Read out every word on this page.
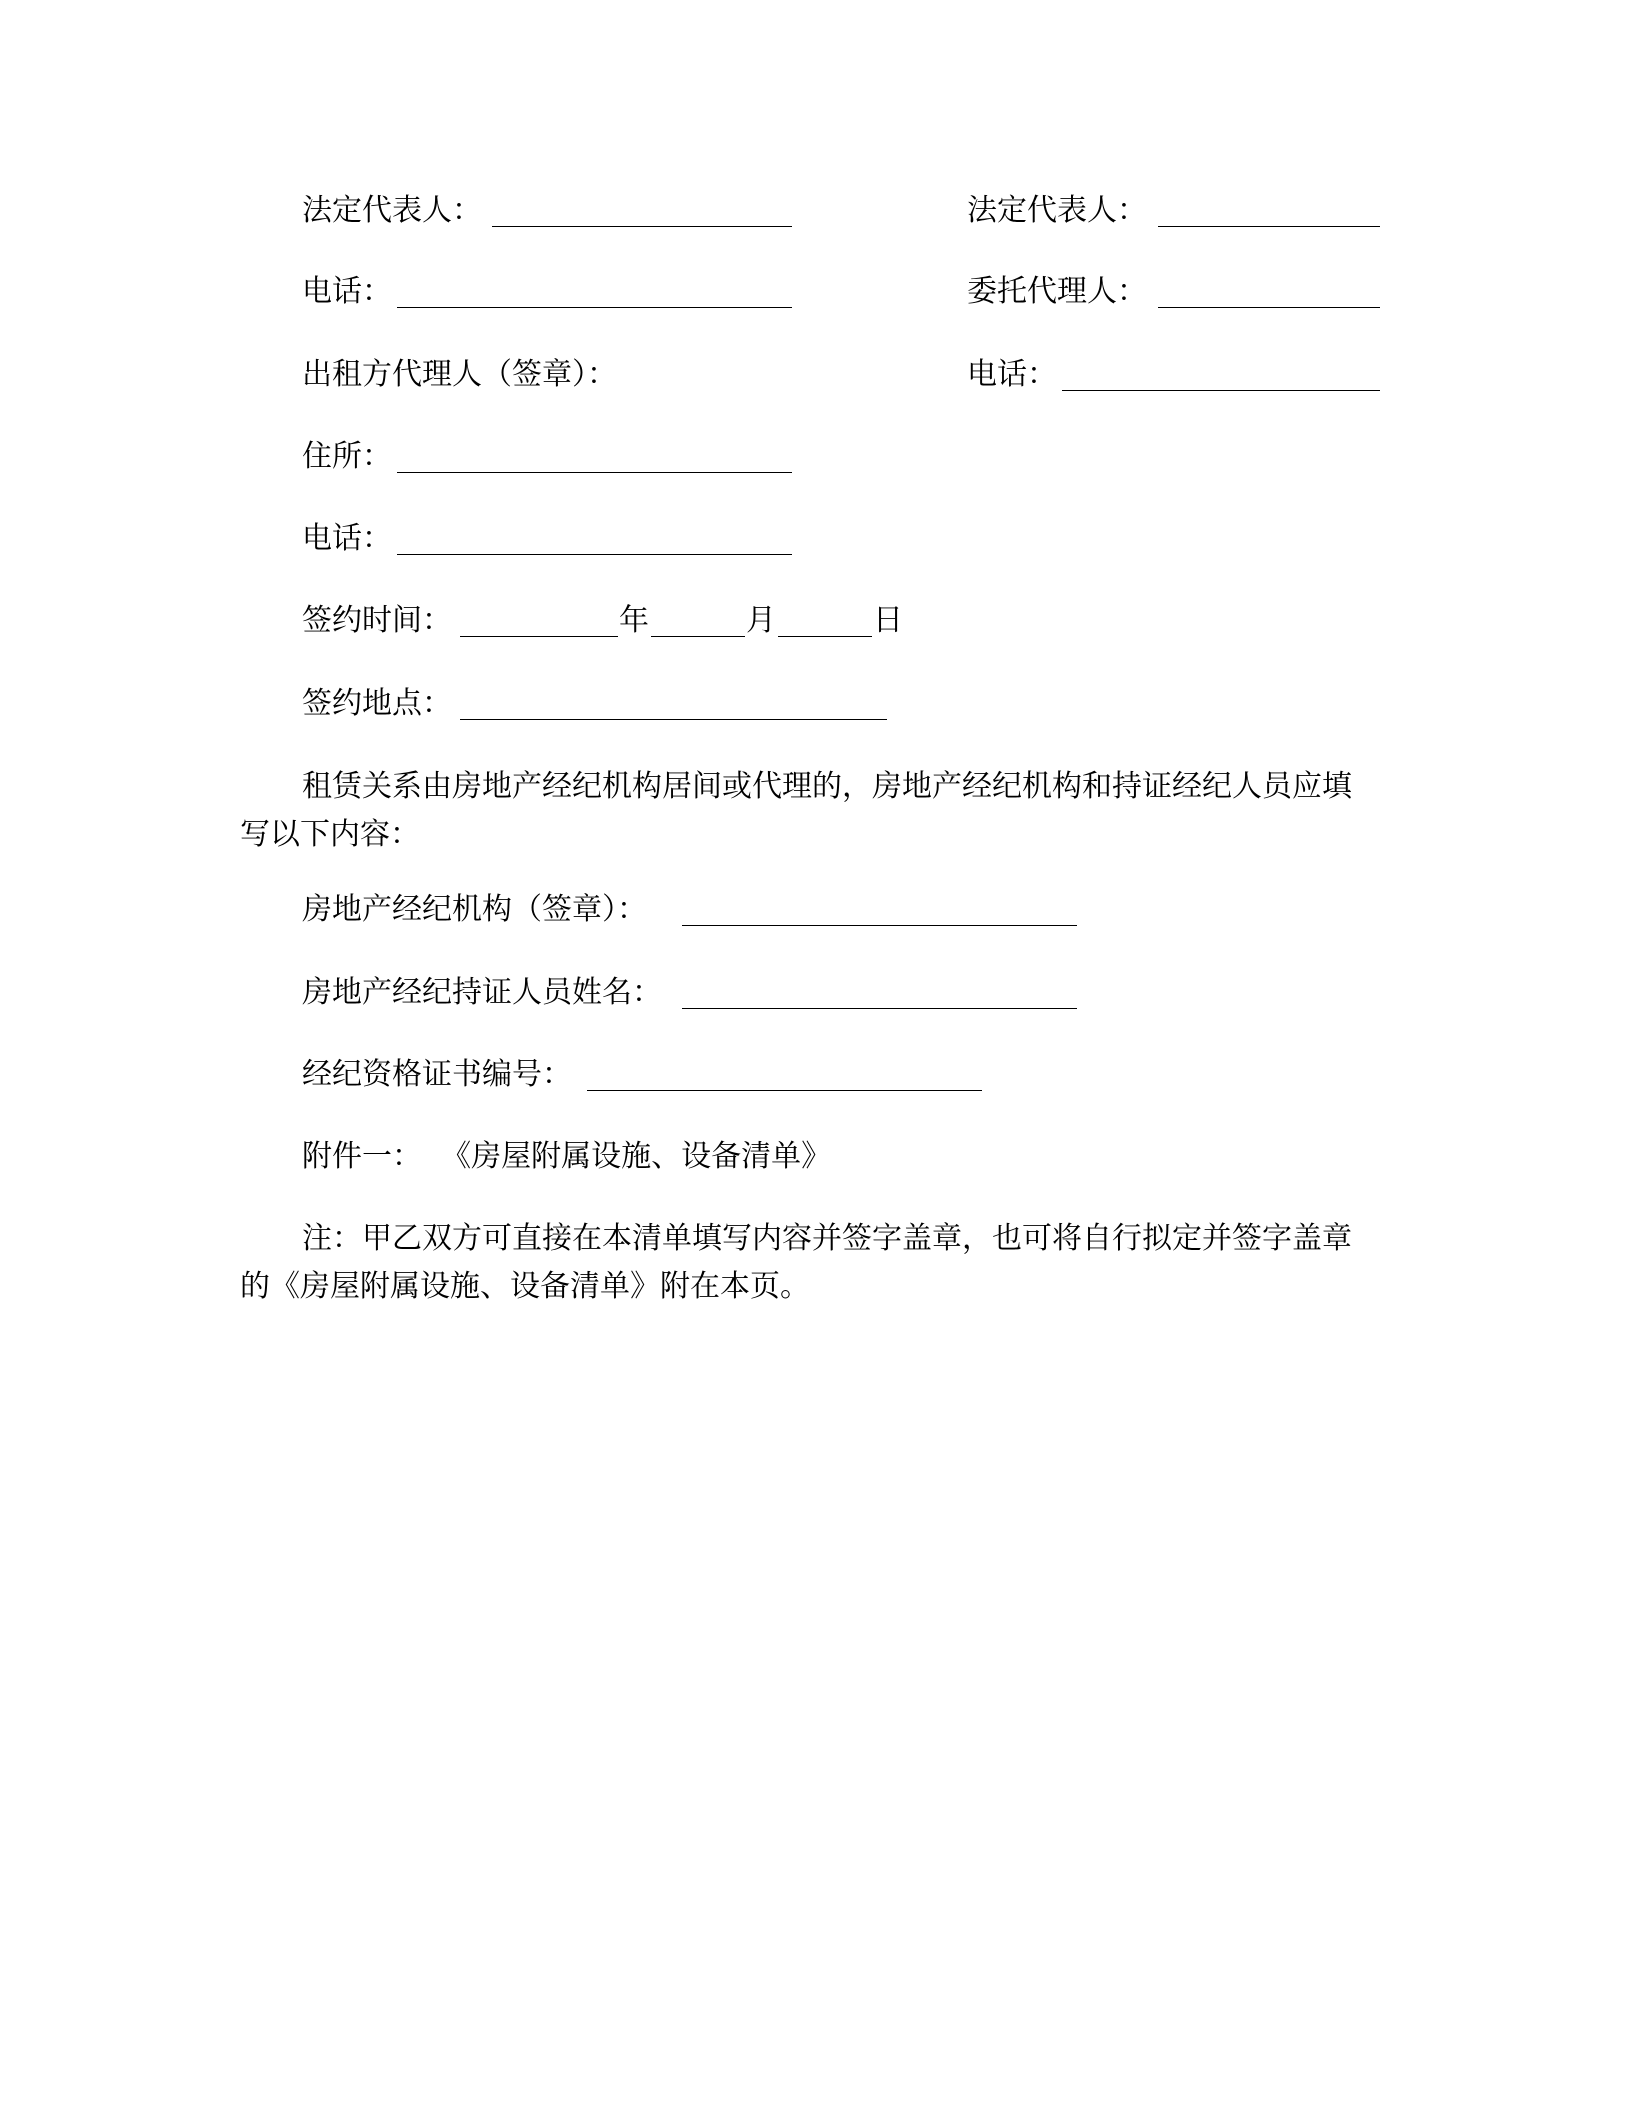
法定代表人：	法定代表人：
电话：	委托代理人：
出租方代理人（签章）：	电话：
住所：
电话：
签约时间：	年	月	日
签约地点：
租赁关系由房地产经纪机构居间或代理的，房地产经纪机构和持证经纪人员应填写以下内容：
房地产经纪机构（签章）：
房地产经纪持证人员姓名：
经纪资格证书编号：
附件一：  《房屋附属设施、设备清单》
注：甲乙双方可直接在本清单填写内容并签字盖章，也可将自行拟定并签字盖章的《房屋附属设施、设备清单》附在本页。
